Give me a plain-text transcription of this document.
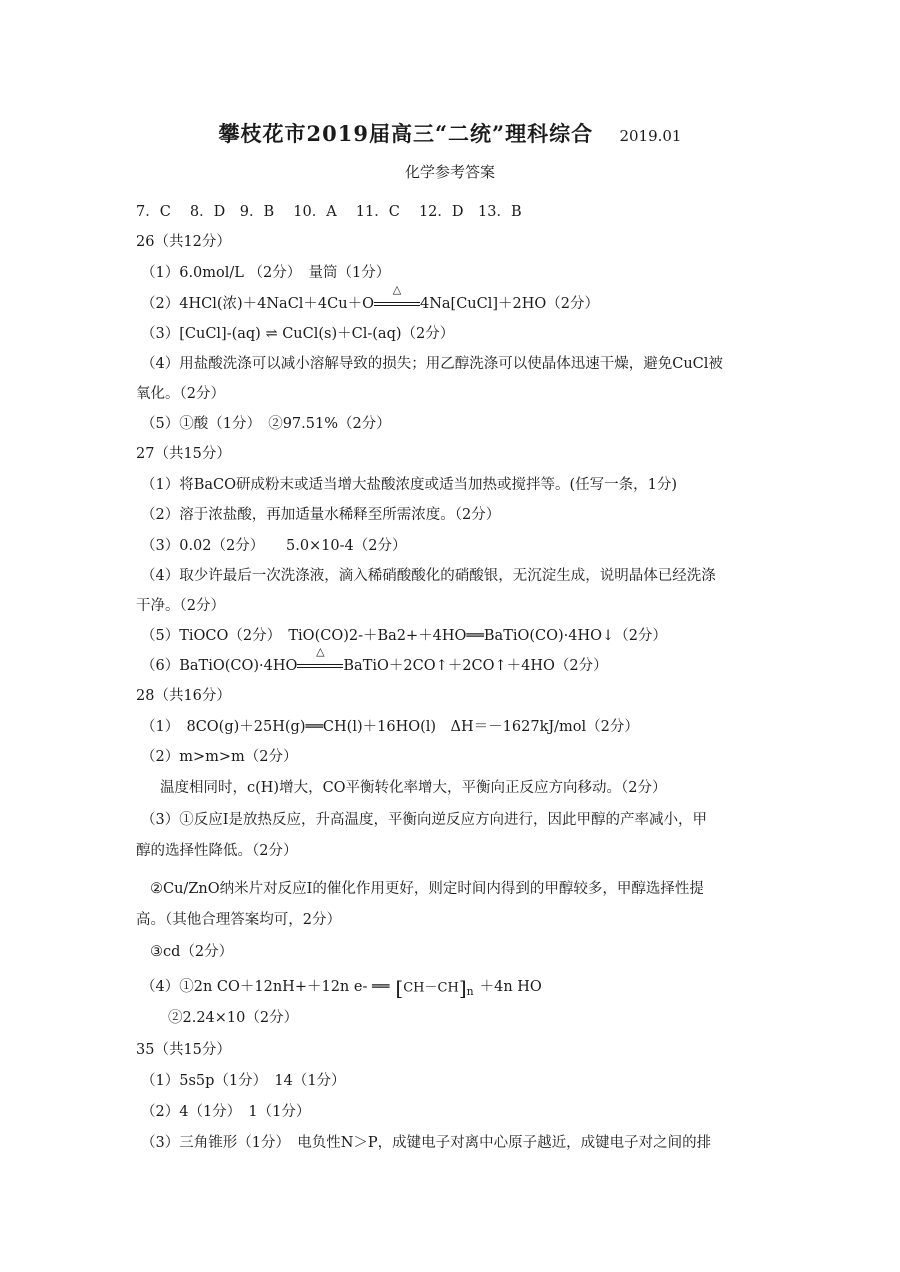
攀枝花市2019届高三“二统”理科综合 2019.01
化学参考答案
7．C　 8．D　9．B　 10．A　 11．C　 12．D　13．B
26（共12分）
（1）6.0mol/L （2分）　量筒（1分）
（2）4HCl(浓)＋4NaCl＋4Cu＋O
△
4Na[CuCl]＋2HO（2分）
（3）[CuCl]-(aq) ⇌ CuCl(s)＋Cl-(aq)（2分）
（4）用盐酸洗涤可以减小溶解导致的损失；用乙醇洗涤可以使晶体迅速干燥，避免CuCl被
氧化。（2分）
（5）①酸（1分）　②97.51%（2分）
27（共15分）
（1）将BaCO研成粉末或适当增大盐酸浓度或适当加热或搅拌等。(任写一条，1分)
（2）溶于浓盐酸，再加适量水稀释至所需浓度。（2分）
（3）0.02（2分）　　5.0×10-4（2分）
（4）取少许最后一次洗涤液，滴入稀硝酸酸化的硝酸银，无沉淀生成，说明晶体已经洗涤
干净。（2分）
（5）TiOCO（2分）　TiO(CO)2-＋Ba2+＋4HO══BaTiO(CO)·4HO↓（2分）
（6）BaTiO(CO)·4HO
△
BaTiO＋2CO↑＋2CO↑＋4HO（2分）
28（共16分）
（1）　8CO(g)＋25H(g)══CH(l)＋16HO(l)　ΔH＝－1627kJ/mol（2分）
（2）m>m>m（2分）
温度相同时，c(H)增大，CO平衡转化率增大，平衡向正反应方向移动。（2分）
（3）①反应Ⅰ是放热反应，升高温度，平衡向逆反应方向进行，因此甲醇的产率减小，甲
醇的选择性降低。（2分）
②Cu/ZnO纳米片对反应Ⅰ的催化作用更好，则定时间内得到的甲醇较多，甲醇选择性提
高。（其他合理答案均可，2分）
③cd（2分）
（4）①2n CO＋12nH+＋12n e- ══ $[CH-CH]_n +4n$ HO
②2.24×10（2分）
35（共15分）
（1）5s5p（1分）　14（1分）
（2）4（1分）　1（1分）
（3）三角锥形（1分）　电负性N＞P，成键电子对离中心原子越近，成键电子对之间的排
